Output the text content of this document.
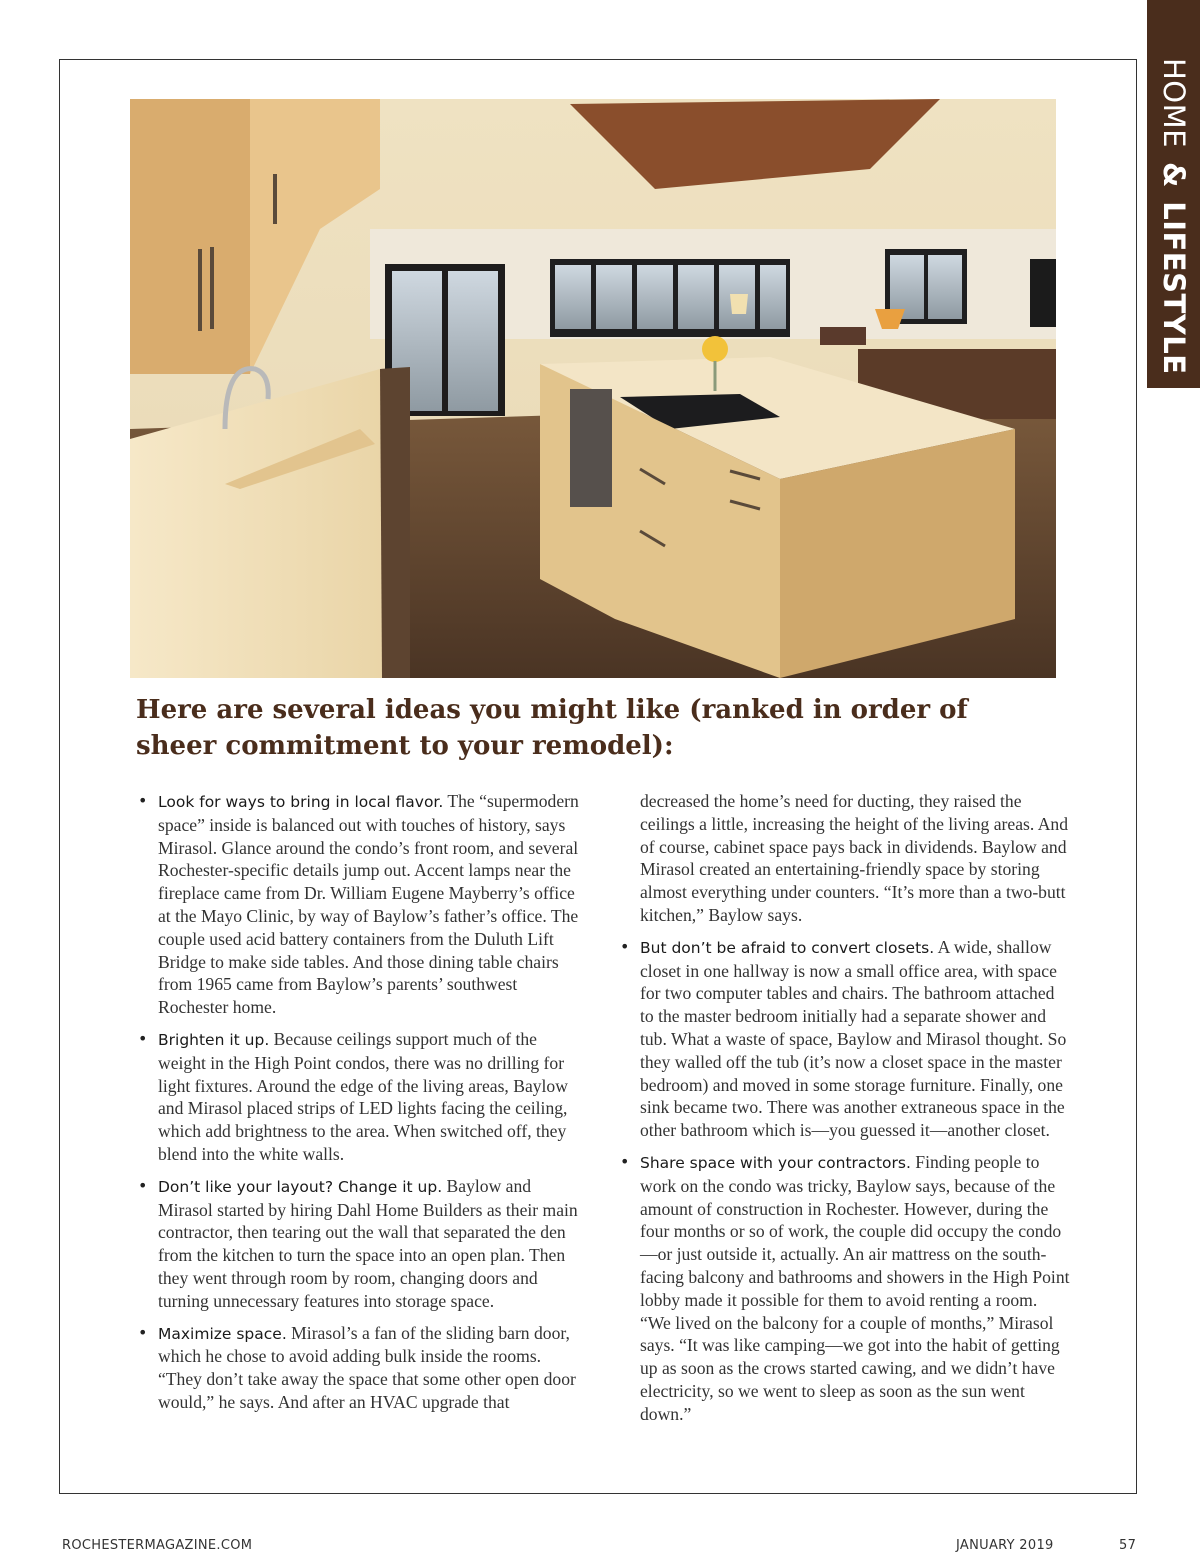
HOME & LIFESTYLE
Here are several ideas you might like (ranked in order of sheer commitment to your remodel):
• Look for ways to bring in local flavor. The “supermodern space” inside is balanced out with touches of history, says Mirasol. Glance around the condo’s front room, and several Rochester-specific details jump out. Accent lamps near the fireplace came from Dr. William Eugene Mayberry’s office at the Mayo Clinic, by way of Baylow’s father’s office. The couple used acid battery containers from the Duluth Lift Bridge to make side tables. And those dining table chairs from 1965 came from Baylow’s parents’ southwest Rochester home.
• Brighten it up. Because ceilings support much of the weight in the High Point condos, there was no drilling for light fixtures. Around the edge of the living areas, Baylow and Mirasol placed strips of LED lights facing the ceiling, which add brightness to the area. When switched off, they blend into the white walls.
• Don’t like your layout? Change it up. Baylow and Mirasol started by hiring Dahl Home Builders as their main contractor, then tearing out the wall that separated the den from the kitchen to turn the space into an open plan. Then they went through room by room, changing doors and turning unnecessary features into storage space.
• Maximize space. Mirasol’s a fan of the sliding barn door, which he chose to avoid adding bulk inside the rooms. “They don’t take away the space that some other open door would,” he says. And after an HVAC upgrade that

decreased the home’s need for ducting, they raised the ceilings a little, increasing the height of the living areas. And of course, cabinet space pays back in dividends. Baylow and Mirasol created an entertaining-friendly space by storing almost everything under counters. “It’s more than a two-butt kitchen,” Baylow says.

• But don’t be afraid to convert closets. A wide, shallow closet in one hallway is now a small office area, with space for two computer tables and chairs. The bathroom attached to the master bedroom initially had a separate shower and tub. What a waste of space, Baylow and Mirasol thought. So they walled off the tub (it’s now a closet space in the master bedroom) and moved in some storage furniture. Finally, one sink became two. There was another extraneous space in the other bathroom which is—you guessed it—another closet.
• Share space with your contractors. Finding people to work on the condo was tricky, Baylow says, because of the amount of construction in Rochester. However, during the four months or so of work, the couple did occupy the condo—or just outside it, actually. An air mattress on the south-facing balcony and bathrooms and showers in the High Point lobby made it possible for them to avoid renting a room. “We lived on the balcony for a couple of months,” Mirasol says. “It was like camping—we got into the habit of getting up as soon as the crows started cawing, and we didn’t have electricity, so we went to sleep as soon as the sun went down.”
ROCHESTERMAGAZINE.COM	JANUARY 2019	57
